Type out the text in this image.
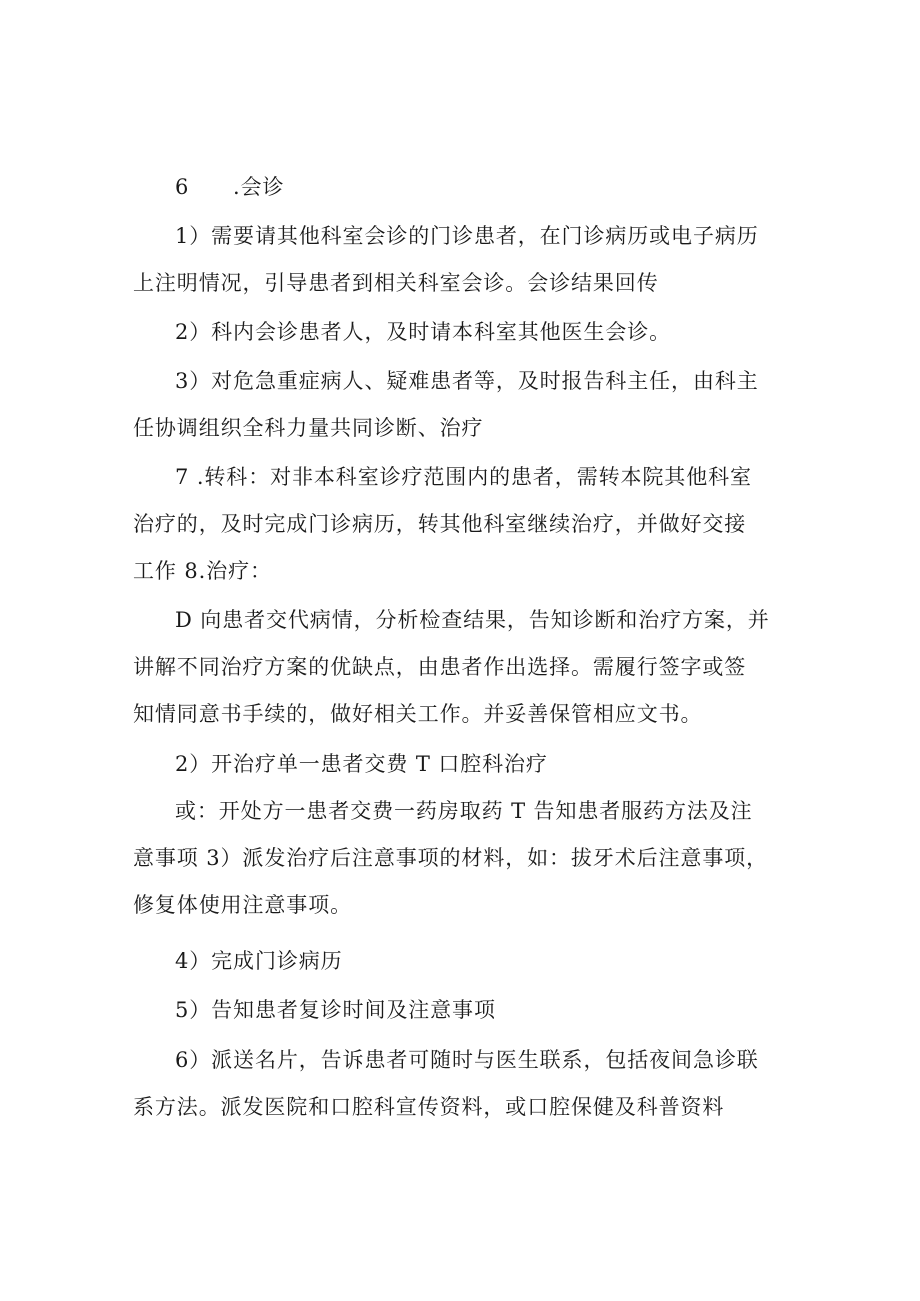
6　　.会诊
1）需要请其他科室会诊的门诊患者，在门诊病历或电子病历
上注明情况，引导患者到相关科室会诊。会诊结果回传
2）科内会诊患者人，及时请本科室其他医生会诊。
3）对危急重症病人、疑难患者等，及时报告科主任，由科主
任协调组织全科力量共同诊断、治疗
7 .转科：对非本科室诊疗范围内的患者，需转本院其他科室
治疗的，及时完成门诊病历，转其他科室继续治疗，并做好交接
工作 8.治疗：
D 向患者交代病情，分析检查结果，告知诊断和治疗方案，并
讲解不同治疗方案的优缺点，由患者作出选择。需履行签字或签
知情同意书手续的，做好相关工作。并妥善保管相应文书。
2）开治疗单一患者交费 T 口腔科治疗
或：开处方一患者交费一药房取药 T 告知患者服药方法及注
意事项 3）派发治疗后注意事项的材料，如：拔牙术后注意事项，
修复体使用注意事项。
4）完成门诊病历
5）告知患者复诊时间及注意事项
6）派送名片，告诉患者可随时与医生联系，包括夜间急诊联
系方法。派发医院和口腔科宣传资料，或口腔保健及科普资料
